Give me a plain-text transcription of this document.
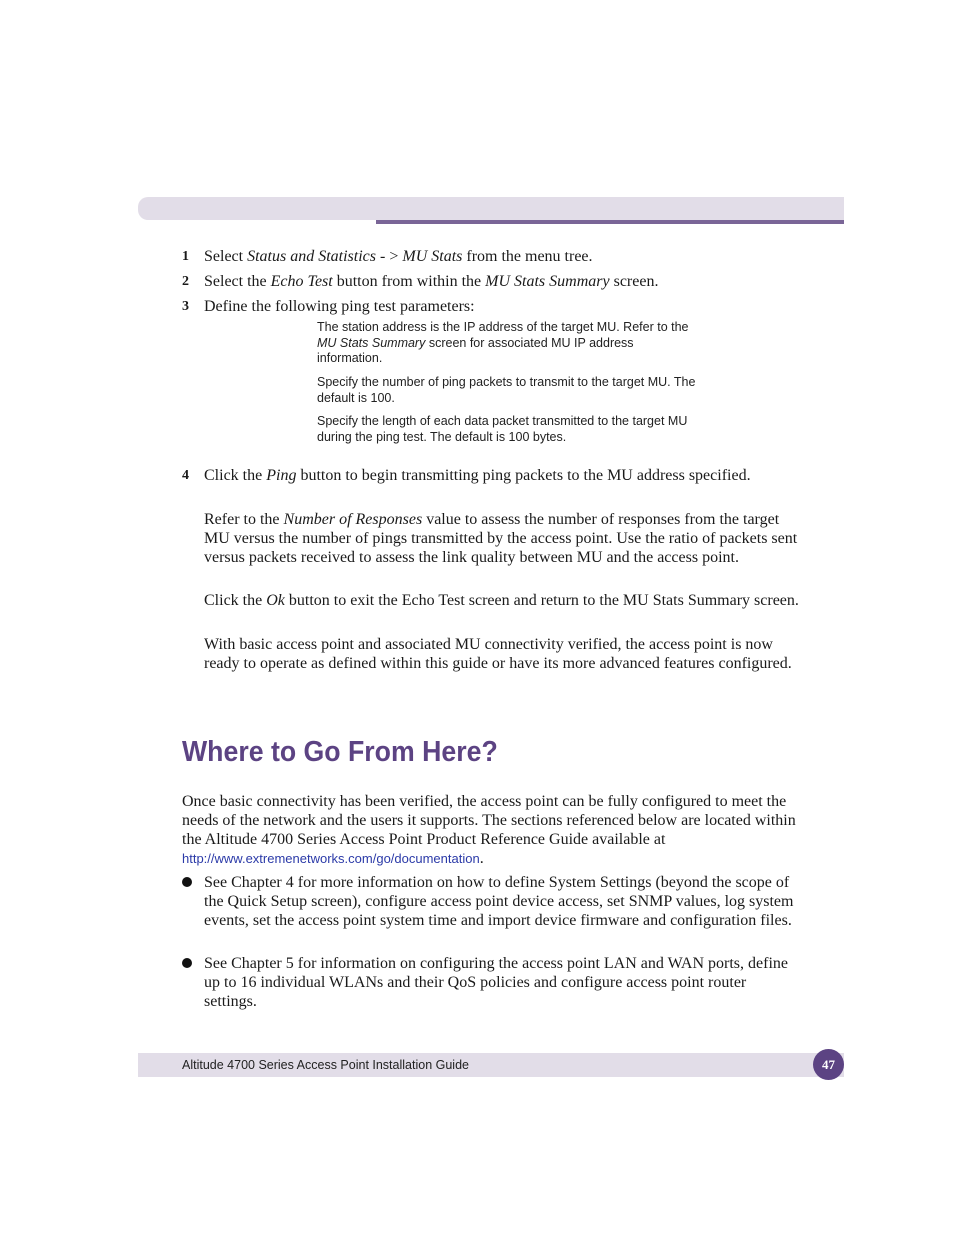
1 Select Status and Statistics - > MU Stats from the menu tree.
2 Select the Echo Test button from within the MU Stats Summary screen.
3 Define the following ping test parameters:
The station address is the IP address of the target MU. Refer to the MU Stats Summary screen for associated MU IP address information.
Specify the number of ping packets to transmit to the target MU. The default is 100.
Specify the length of each data packet transmitted to the target MU during the ping test. The default is 100 bytes.
4 Click the Ping button to begin transmitting ping packets to the MU address specified.
Refer to the Number of Responses value to assess the number of responses from the target MU versus the number of pings transmitted by the access point. Use the ratio of packets sent versus packets received to assess the link quality between MU and the access point.
Click the Ok button to exit the Echo Test screen and return to the MU Stats Summary screen.
With basic access point and associated MU connectivity verified, the access point is now ready to operate as defined within this guide or have its more advanced features configured.
Where to Go From Here?
Once basic connectivity has been verified, the access point can be fully configured to meet the needs of the network and the users it supports. The sections referenced below are located within the Altitude 4700 Series Access Point Product Reference Guide available at http://www.extremenetworks.com/go/documentation.
See Chapter 4 for more information on how to define System Settings (beyond the scope of the Quick Setup screen), configure access point device access, set SNMP values, log system events, set the access point system time and import device firmware and configuration files.
See Chapter 5 for information on configuring the access point LAN and WAN ports, define up to 16 individual WLANs and their QoS policies and configure access point router settings.
Altitude 4700 Series Access Point Installation Guide	47
